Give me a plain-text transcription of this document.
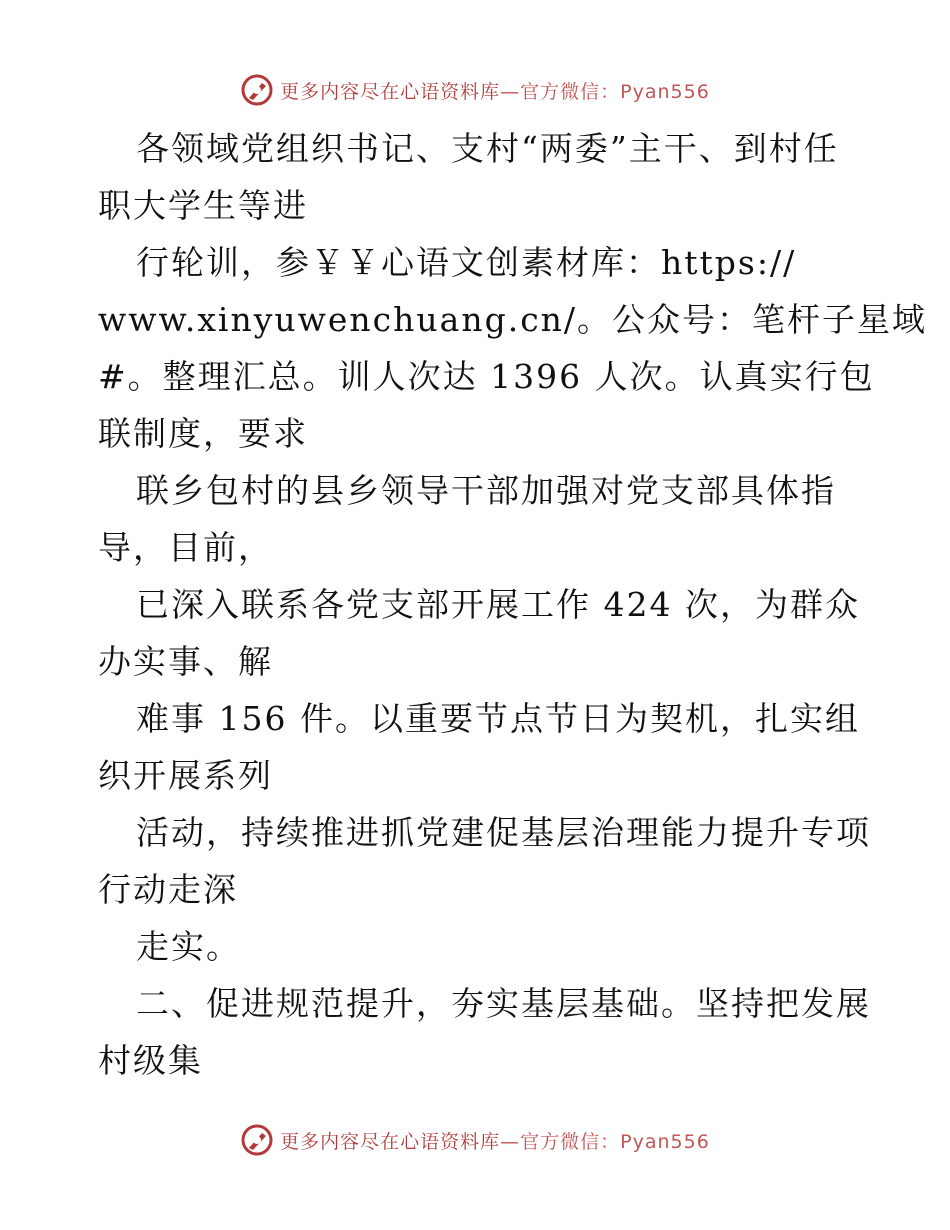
更多内容尽在心语资料库—官方微信：Pyan556
各领域党组织书记、支村“两委”主干、到村任
职大学生等进
行轮训，参￥￥心语文创素材库：https://
www.xinyuwenchuang.cn/。公众号：笔杆子星域
#。整理汇总。训人次达 1396 人次。认真实行包
联制度，要求
联乡包村的县乡领导干部加强对党支部具体指
导，目前，
已深入联系各党支部开展工作 424 次，为群众
办实事、解
难事 156 件。以重要节点节日为契机，扎实组
织开展系列
活动，持续推进抓党建促基层治理能力提升专项
行动走深
走实。
二、促进规范提升，夯实基层基础。坚持把发展
村级集
更多内容尽在心语资料库—官方微信：Pyan556
